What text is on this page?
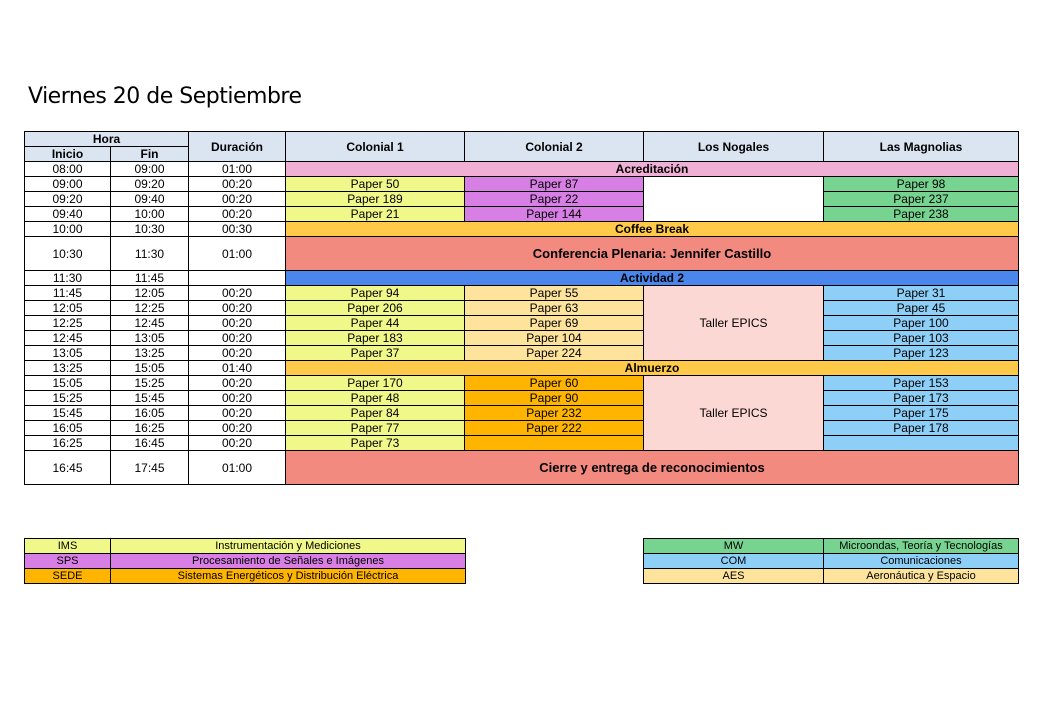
Viernes 20 de Septiembre
Hora		Duración	Colonial 1	Colonial 2	Los Nogales	Las Magnolias
Inicio	Fin					
08:00	09:00	01:00	Acreditación			
09:00	09:20	00:20	Paper 50	Paper 87		Paper 98
09:20	09:40	00:20	Paper 189	Paper 22		Paper 237
09:40	10:00	00:20	Paper 21	Paper 144		Paper 238
10:00	10:30	00:30	Coffee Break			
10:30	11:30	01:00	Conferencia Plenaria: Jennifer Castillo			
11:30	11:45		Actividad 2			
11:45	12:05	00:20	Paper 94	Paper 55	Taller EPICS	Paper 31
12:05	12:25	00:20	Paper 206	Paper 63		Paper 45
12:25	12:45	00:20	Paper 44	Paper 69		Paper 100
12:45	13:05	00:20	Paper 183	Paper 104		Paper 103
13:05	13:25	00:20	Paper 37	Paper 224		Paper 123
13:25	15:05	01:40	Almuerzo			
15:05	15:25	00:20	Paper 170	Paper 60	Taller EPICS	Paper 153
15:25	15:45	00:20	Paper 48	Paper 90		Paper 173
15:45	16:05	00:20	Paper 84	Paper 232		Paper 175
16:05	16:25	00:20	Paper 77	Paper 222		Paper 178
16:25	16:45	00:20	Paper 73			
16:45	17:45	01:00	Cierre y entrega de reconocimientos			
IMS	Instrumentación y Mediciones
SPS	Procesamiento de Señales e Imágenes
SEDE	Sistemas Energéticos y Distribución Eléctrica
MW	Microondas, Teoría y Tecnologías
COM	Comunicaciones
AES	Aeronáutica y Espacio
